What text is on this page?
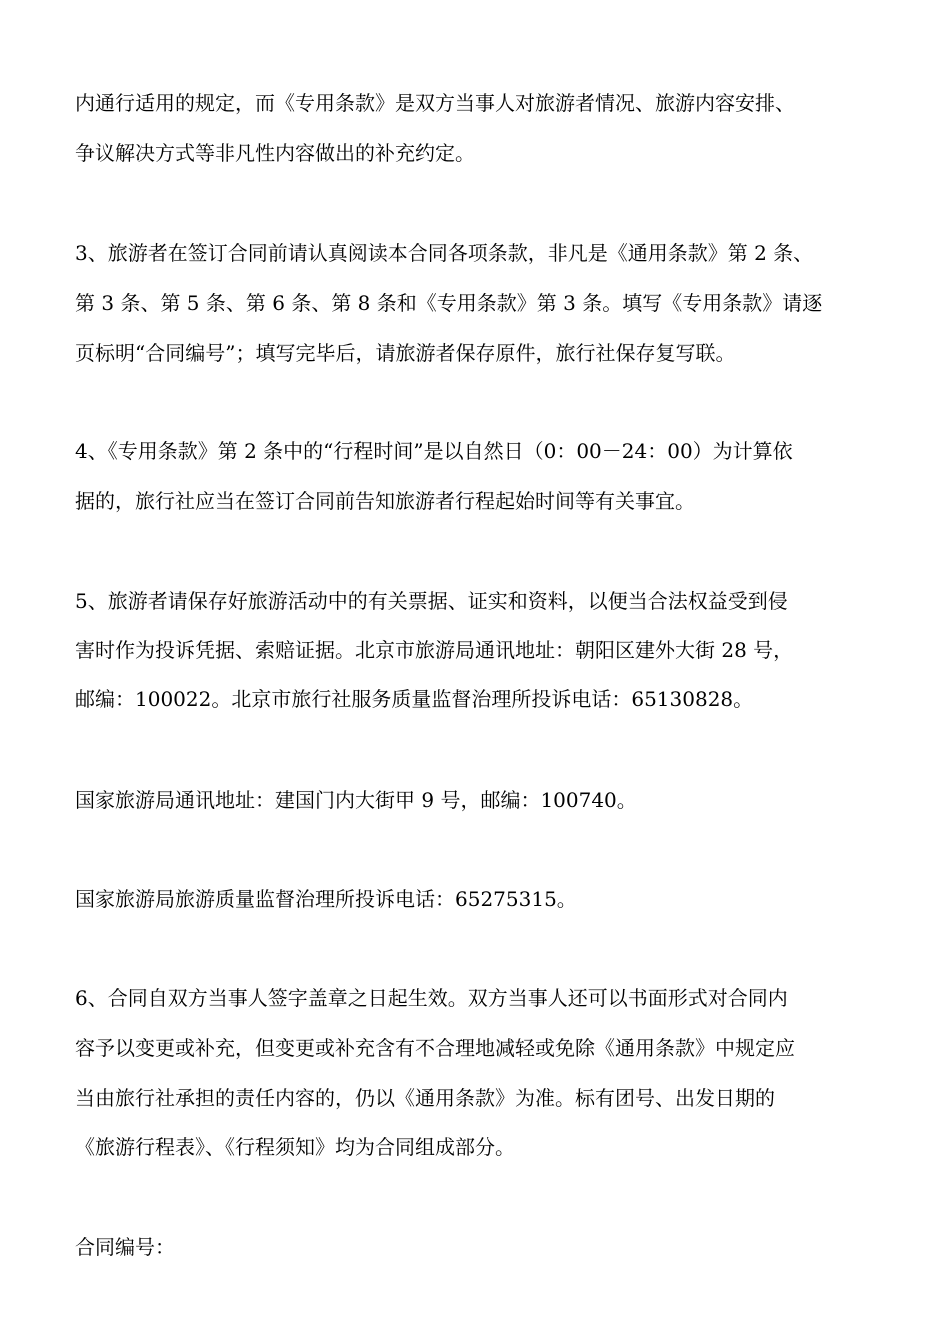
内通行适用的规定，而《专用条款》是双方当事人对旅游者情况、旅游内容安排、
争议解决方式等非凡性内容做出的补充约定。
3、旅游者在签订合同前请认真阅读本合同各项条款，非凡是《通用条款》第 2 条、
第 3 条、第 5 条、第 6 条、第 8 条和《专用条款》第 3 条。填写《专用条款》请逐
页标明“合同编号”；填写完毕后，请旅游者保存原件，旅行社保存复写联。
4、《专用条款》第 2 条中的“行程时间”是以自然日（0：00－24：00）为计算依
据的，旅行社应当在签订合同前告知旅游者行程起始时间等有关事宜。
5、旅游者请保存好旅游活动中的有关票据、证实和资料，以便当合法权益受到侵
害时作为投诉凭据、索赔证据。北京市旅游局通讯地址：朝阳区建外大街 28 号，
邮编：100022。北京市旅行社服务质量监督治理所投诉电话：65130828。
国家旅游局通讯地址：建国门内大街甲 9 号，邮编：100740。
国家旅游局旅游质量监督治理所投诉电话：65275315。
6、合同自双方当事人签字盖章之日起生效。双方当事人还可以书面形式对合同内
容予以变更或补充，但变更或补充含有不合理地减轻或免除《通用条款》中规定应
当由旅行社承担的责任内容的，仍以《通用条款》为准。标有团号、出发日期的
《旅游行程表》、《行程须知》均为合同组成部分。
合同编号：
